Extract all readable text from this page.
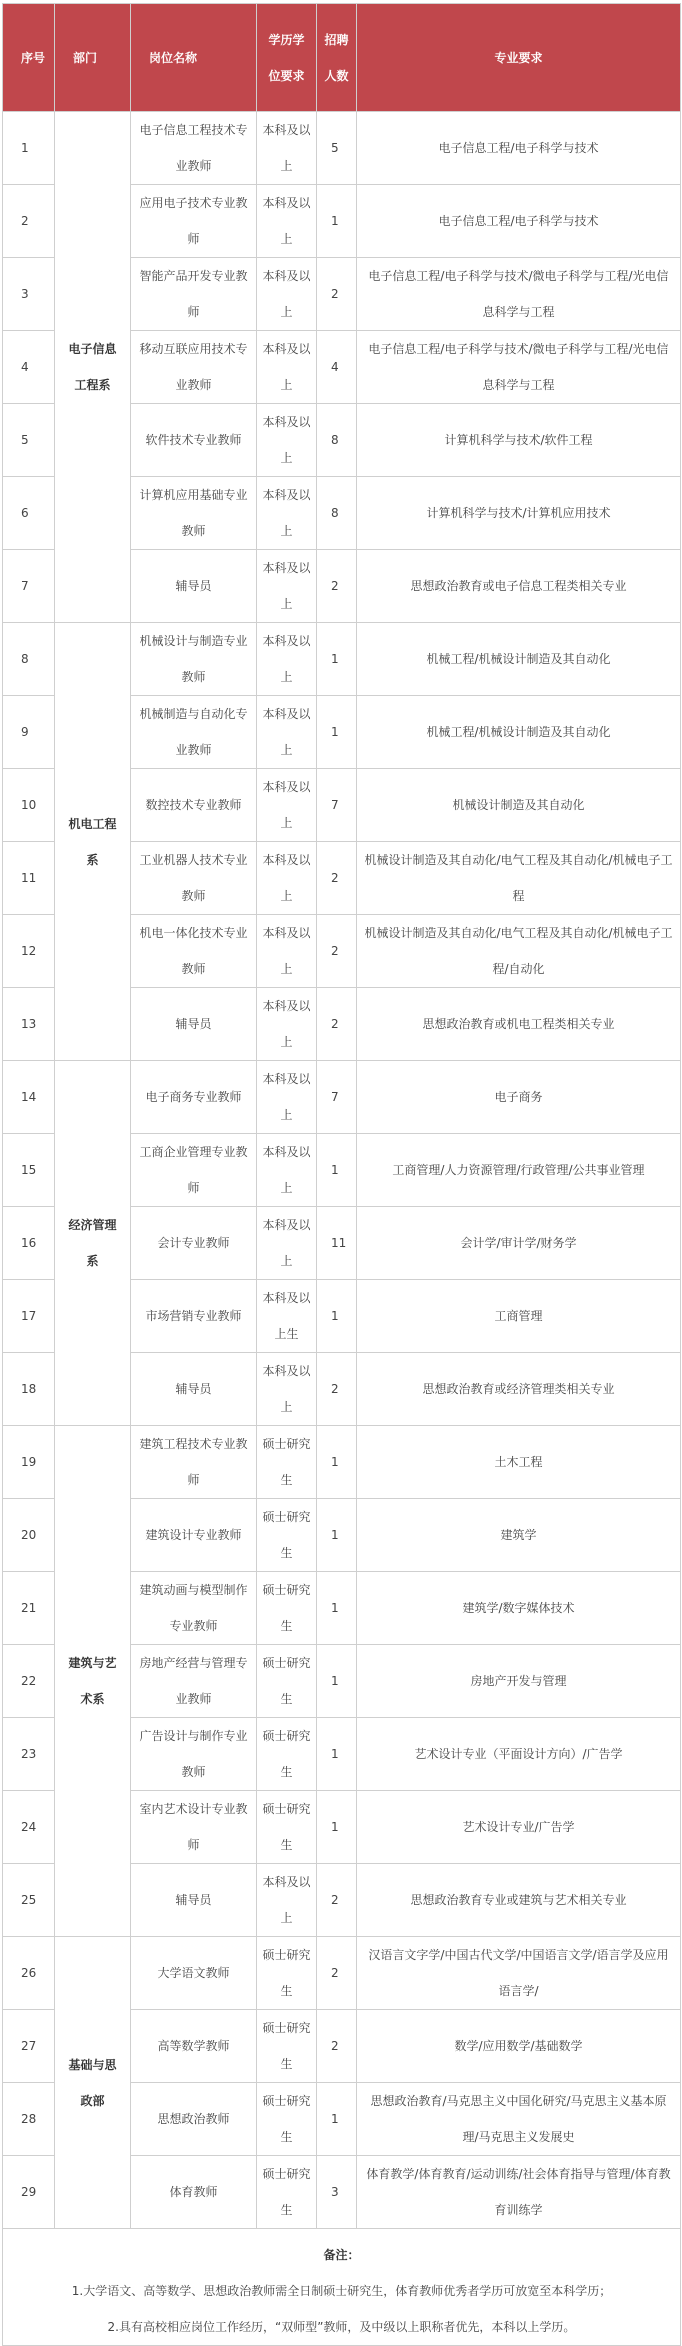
序号	部门	岗位名称	学历学位要求	招聘人数	专业要求
1	电子信息工程系	电子信息工程技术专业教师	本科及以上	5	电子信息工程/电子科学与技术
2		应用电子技术专业教师	本科及以上	1	电子信息工程/电子科学与技术
3		智能产品开发专业教师	本科及以上	2	电子信息工程/电子科学与技术/微电子科学与工程/光电信息科学与工程
4		移动互联应用技术专业教师	本科及以上	4	电子信息工程/电子科学与技术/微电子科学与工程/光电信息科学与工程
5		软件技术专业教师	本科及以上	8	计算机科学与技术/软件工程
6		计算机应用基础专业教师	本科及以上	8	计算机科学与技术/计算机应用技术
7		辅导员	本科及以上	2	思想政治教育或电子信息工程类相关专业
8	机电工程系	机械设计与制造专业教师	本科及以上	1	机械工程/机械设计制造及其自动化
9		机械制造与自动化专业教师	本科及以上	1	机械工程/机械设计制造及其自动化
10		数控技术专业教师	本科及以上	7	机械设计制造及其自动化
11		工业机器人技术专业教师	本科及以上	2	机械设计制造及其自动化/电气工程及其自动化/机械电子工程
12		机电一体化技术专业教师	本科及以上	2	机械设计制造及其自动化/电气工程及其自动化/机械电子工程/自动化
13		辅导员	本科及以上	2	思想政治教育或机电工程类相关专业
14	经济管理系	电子商务专业教师	本科及以上	7	电子商务
15		工商企业管理专业教师	本科及以上	1	工商管理/人力资源管理/行政管理/公共事业管理
16		会计专业教师	本科及以上	11	会计学/审计学/财务学
17		市场营销专业教师	本科及以上生	1	工商管理
18		辅导员	本科及以上	2	思想政治教育或经济管理类相关专业
19	建筑与艺术系	建筑工程技术专业教师	硕士研究生	1	土木工程
20		建筑设计专业教师	硕士研究生	1	建筑学
21		建筑动画与模型制作专业教师	硕士研究生	1	建筑学/数字媒体技术
22		房地产经营与管理专业教师	硕士研究生	1	房地产开发与管理
23		广告设计与制作专业教师	硕士研究生	1	艺术设计专业（平面设计方向）/广告学
24		室内艺术设计专业教师	硕士研究生	1	艺术设计专业/广告学
25		辅导员	本科及以上	2	思想政治教育专业或建筑与艺术相关专业
26	基础与思政部	大学语文教师	硕士研究生	2	汉语言文字学/中国古代文学/中国语言文学/语言学及应用语言学/
27		高等数学教师	硕士研究生	2	数学/应用数学/基础数学
28		思想政治教师	硕士研究生	1	思想政治教育/马克思主义中国化研究/马克思主义基本原理/马克思主义发展史
29		体育教师	硕士研究生	3	体育教学/体育教育/运动训练/社会体育指导与管理/体育教育训练学

备注：
1.大学语文、高等数学、思想政治教师需全日制硕士研究生，体育教师优秀者学历可放宽至本科学历；
2.具有高校相应岗位工作经历，“双师型”教师，及中级以上职称者优先，本科以上学历。					
